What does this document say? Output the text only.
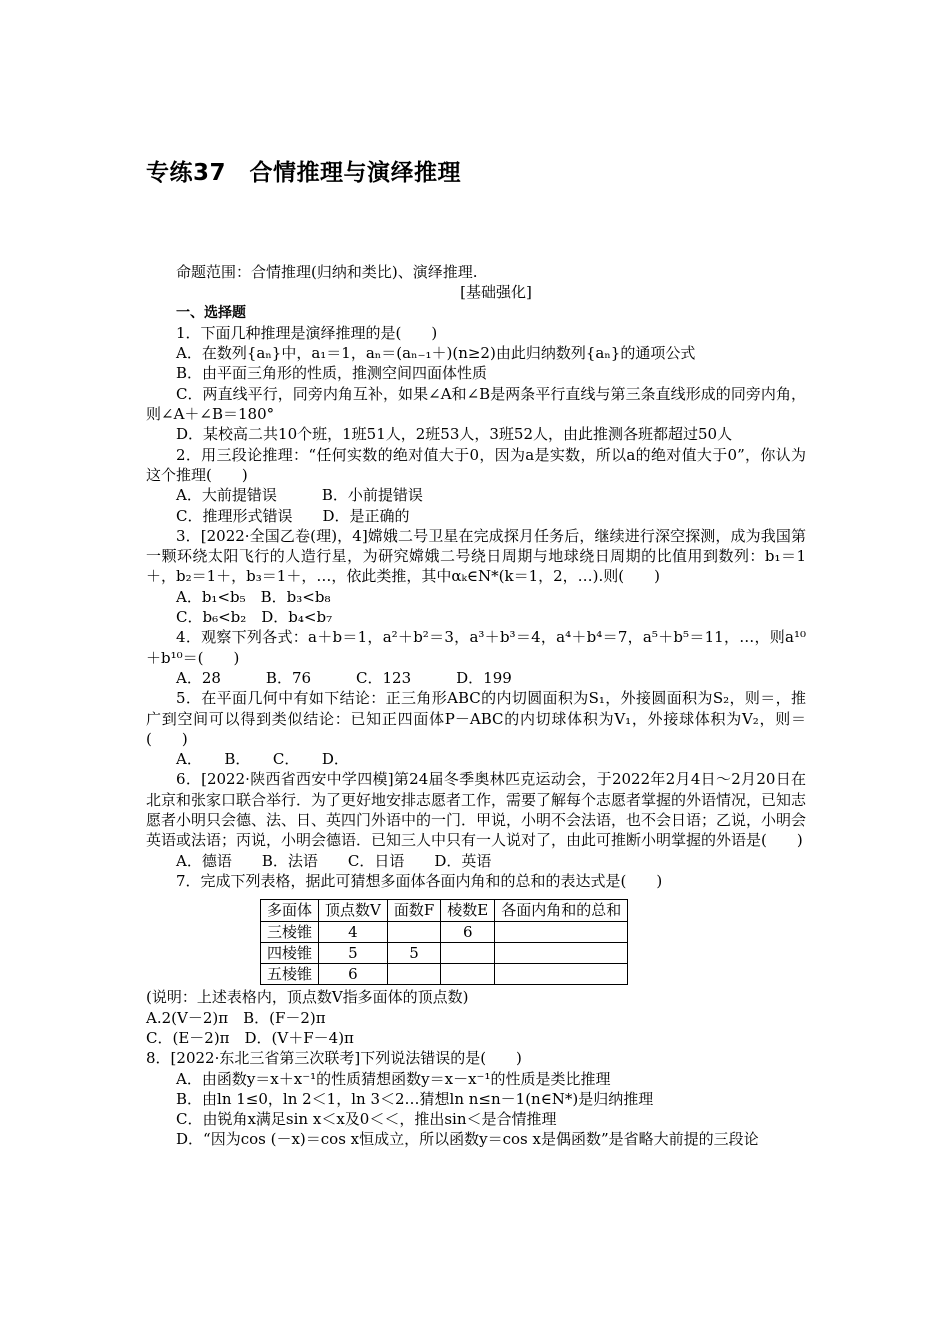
专练37　合情推理与演绎推理

命题范围：合情推理(归纳和类比)、演绎推理.

[基础强化]

一、选择题

1．下面几种推理是演绎推理的是(　　)

A．在数列{aₙ}中，a₁＝1，aₙ＝(aₙ₋₁＋)(n≥2)由此归纳数列{aₙ}的通项公式

B．由平面三角形的性质，推测空间四面体性质

C．两直线平行，同旁内角互补，如果∠A和∠B是两条平行直线与第三条直线形成的同旁内角，则∠A＋∠B＝180°

D．某校高二共10个班，1班51人，2班53人，3班52人，由此推测各班都超过50人

2．用三段论推理：“任何实数的绝对值大于0，因为a是实数，所以a的绝对值大于0”，你认为这个推理(　　)

A．大前提错误　　　B．小前提错误

C．推理形式错误　　D．是正确的

3．[2022·全国乙卷(理)，4]嫦娥二号卫星在完成探月任务后，继续进行深空探测，成为我国第一颗环绕太阳飞行的人造行星，为研究嫦娥二号绕日周期与地球绕日周期的比值用到数列：b₁＝1＋，b₂＝1＋，b₃＝1＋，…，依此类推，其中αₖ∈N*(k＝1，2，…).则(　　)

A．b₁<b₅　B．b₃<b₈

C．b₆<b₂　D．b₄<b₇

4．观察下列各式：a＋b＝1，a²＋b²＝3，a³＋b³＝4，a⁴＋b⁴＝7，a⁵＋b⁵＝11，…，则a¹⁰＋b¹⁰＝(　　)

A．28　　　B．76　　　C．123　　　D．199

5．在平面几何中有如下结论：正三角形ABC的内切圆面积为S₁，外接圆面积为S₂，则＝，推广到空间可以得到类似结论：已知正四面体P－ABC的内切球体积为V₁，外接球体积为V₂，则＝(　　)

A．　　B．　　C．　　D．

6．[2022·陕西省西安中学四模]第24届冬季奥林匹克运动会，于2022年2月4日～2月20日在北京和张家口联合举行．为了更好地安排志愿者工作，需要了解每个志愿者掌握的外语情况，已知志愿者小明只会德、法、日、英四门外语中的一门．甲说，小明不会法语，也不会日语；乙说，小明会英语或法语；丙说，小明会德语．已知三人中只有一人说对了，由此可推断小明掌握的外语是(　　)

A．德语　　B．法语　　C．日语　　D．英语

7．完成下列表格，据此可猜想多面体各面内角和的总和的表达式是(　　)

多面体	顶点数V	面数F	棱数E	各面内角和的总和
三棱锥	4		6	
四棱锥	5	5		
五棱锥	6			

(说明：上述表格内，顶点数V指多面体的顶点数)

A.2(V－2)π　B．(F－2)π

C．(E－2)π　D．(V＋F－4)π

8．[2022·东北三省第三次联考]下列说法错误的是(　　)

A．由函数y＝x＋x⁻¹的性质猜想函数y＝x－x⁻¹的性质是类比推理

B．由ln 1≤0，ln 2＜1，ln 3＜2…猜想ln n≤n－1(n∈N*)是归纳推理

C．由锐角x满足sin x＜x及0＜＜，推出sin＜是合情推理

D．“因为cos (－x)＝cos x恒成立，所以函数y＝cos x是偶函数”是省略大前提的三段论
